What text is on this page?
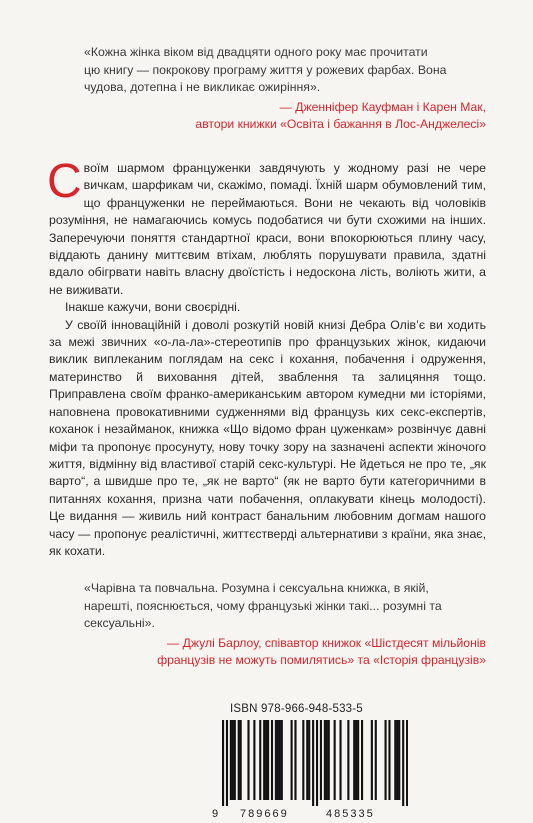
«Кожна жінка віком від двадцяти одного року має прочитати
цю книгу — покрокову програму життя у рожевих фарбах. Вона
чудова, дотепна і не викликає ожиріння».
— Дженніфер Кауфман і Карен Мак,
автори книжки «Освіта і бажання в Лос-Анджелесі»

С воїм шармом француженки завдячують у жодному разі не чере вичкам, шарфикам чи, скажімо, помаді. Їхній шарм обумовлений тим, що француженки не переймаються. Вони не чекають від чоловіків розуміння, не намагаючись комусь подобатися чи бути схожими на інших. Заперечуючи поняття стандартної краси, вони впокорюються плину часу, віддають данину миттєвим втіхам, люблять порушувати правила, здатні вдало обігрвати навіть власну двоїстість і недоскона лість, воліють жити, а не виживати.

Інакше кажучи, вони своєрідні.

У своїй інноваційній і доволі розкутій новій книзі Дебра Олів’є ви ходить за межі звичних «о-ла-ла»-стереотипів про французьких жінок, кидаючи виклик виплеканим поглядам на секс і кохання, побачення і одруження, материнство й виховання дітей, зваблення та залицяння тощо. Приправлена своїм франко-американським автором кумедни ми історіями, наповнена провокативними судженнями від французь ких секс-експертів, коханок і незаймaнок, книжка «Що відомо фран цуженкам» розвінчує давні міфи та пропонує просунуту, нову точку зору на зазначені аспекти жіночого життя, відмінну від властивої старій секс-культурі. Не йдеться не про те, „як варто“, а швидше про те, „як не варто“ (як не варто бути категоричними в питаннях кохання, призна чати побачення, оплакувати кінець молодості). Це видання — живиль ний контраст банальним любовним догмам нашого часу — пропонує реалістичні, життєстверді альтернативи з країни, яка знає, як кохати.

«Чарівна та повчальна. Розумна і сексуальна книжка, в якій,
нарешті, пояснюється, чому французькі жінки такі... розумні та
сексуальні».
— Джулі Барлоу, співавтор книжок «Шістдесят мільйонів
французів не можуть помилятись» та «Історія французів»
ISBN 978-966-948-533-5
9 789669	485335
